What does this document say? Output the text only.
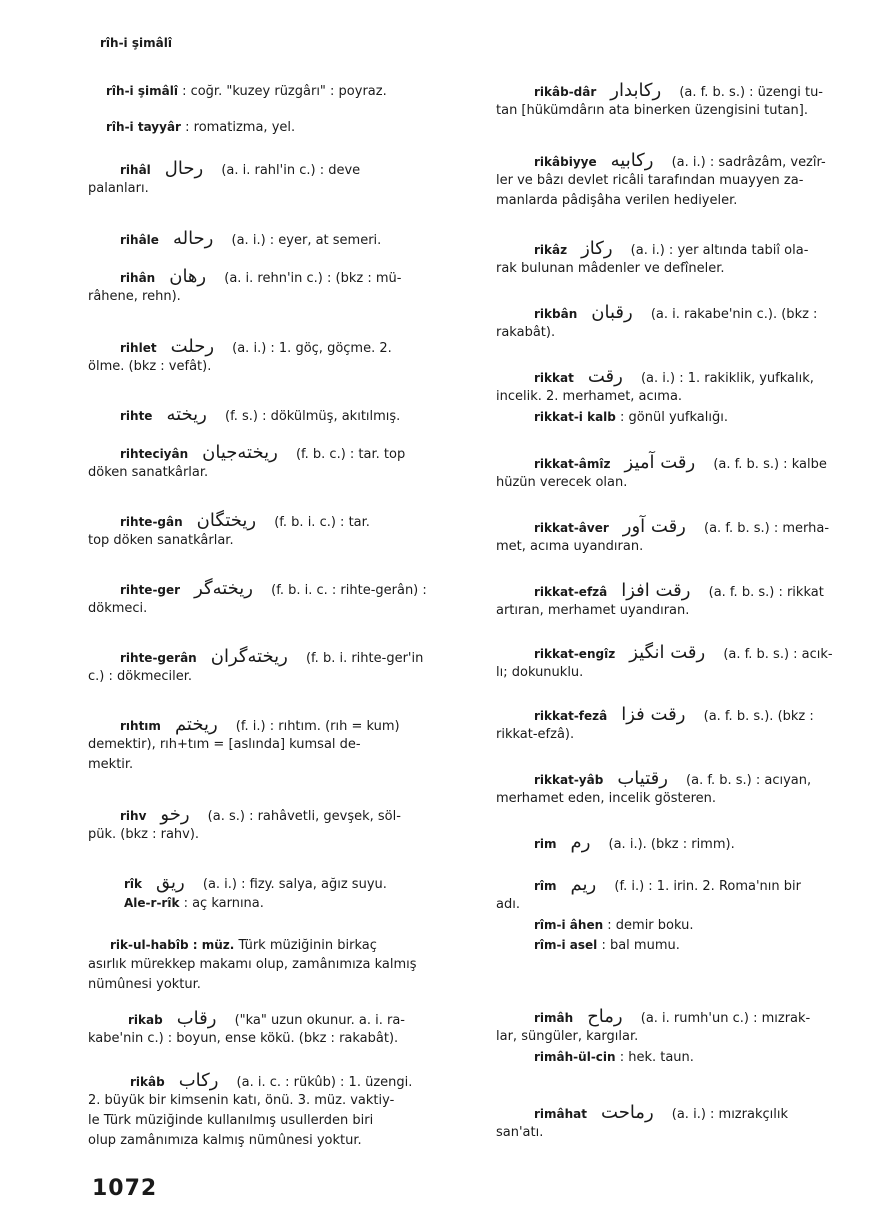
rîh-i şimâlî
rîh-i şimâlî : coğr. "kuzey rüzgârı" : poyraz.
rîh-i tayyâr : romatizma, yel.
rihâl رحال (a. i. rahl'in c.) : deve
palanları.
rihâle رحاله (a. i.) : eyer, at semeri.
rihân رهان (a. i. rehn'in c.) : (bkz : mü-
râhene, rehn).
rihlet رحلت (a. i.) : 1. göç, göçme. 2.
ölme. (bkz : vefât).
rihte ریخته (f. s.) : dökülmüş, akıtılmış.
rihteciyân ریخته‌جیان (f. b. c.) : tar. top
döken sanatkârlar.
rihte-gân ریختگان (f. b. i. c.) : tar.
top döken sanatkârlar.
rihte-ger ریخته‌گر (f. b. i. c. : rihte-gerân) :
dökmeci.
rihte-gerân ریخته‌گران (f. b. i. rihte-ger'in
c.) : dökmeciler.
rıhtım ریختم (f. i.) : rıhtım. (rıh = kum)
demektir), rıh+tım = [aslında] kumsal de-
mektir.
rihv رخو (a. s.) : rahâvetli, gevşek, söl-
pük. (bkz : rahv).
rîk ریق (a. i.) : fizy. salya, ağız suyu.
Ale-r-rîk : aç karnına.
rik-ul-habîb : müz. Türk müziğinin birkaç
asırlık mürekkep makamı olup, zamânımıza kalmış
nümûnesi yoktur.
rikab رقاب ("ka" uzun okunur. a. i. ra-
kabe'nin c.) : boyun, ense kökü. (bkz : rakabât).
rikâb رکاب (a. i. c. : rükûb) : 1. üzengi.
2. büyük bir kimsenin katı, önü. 3. müz. vaktiy-
le Türk müziğinde kullanılmış usullerden biri
olup zamânımıza kalmış nümûnesi yoktur.
rikâb-dâr رکابدار (a. f. b. s.) : üzengi tu-
tan [hükümdârın ata binerken üzengisini tutan].
rikâbiyye رکابیه (a. i.) : sadrâzâm, vezîr-
ler ve bâzı devlet ricâli tarafından muayyen za-
manlarda pâdişâha verilen hediyeler.
rikâz رکاز (a. i.) : yer altında tabiî ola-
rak bulunan mâdenler ve defîneler.
rikbân رقبان (a. i. rakabe'nin c.). (bkz :
rakabât).
rikkat رقت (a. i.) : 1. rakiklik, yufkalık,
incelik. 2. merhamet, acıma.
rikkat-i kalb : gönül yufkalığı.
rikkat-âmîz رقت آمیز (a. f. b. s.) : kalbe
hüzün verecek olan.
rikkat-âver رقت آور (a. f. b. s.) : merha-
met, acıma uyandıran.
rikkat-efzâ رقت افزا (a. f. b. s.) : rikkat
artıran, merhamet uyandıran.
rikkat-engîz رقت انگیز (a. f. b. s.) : acık-
lı; dokunuklu.
rikkat-fezâ رقت فزا (a. f. b. s.). (bkz :
rikkat-efzâ).
rikkat-yâb رقتیاب (a. f. b. s.) : acıyan,
merhamet eden, incelik gösteren.
rim رم (a. i.). (bkz : rimm).
rîm ریم (f. i.) : 1. irin. 2. Roma'nın bir
adı.
rîm-i âhen : demir boku.
rîm-i asel : bal mumu.
rimâh رماح (a. i. rumh'un c.) : mızrak-
lar, süngüler, kargılar.
rimâh-ül-cin : hek. taun.
rimâhat رماحت (a. i.) : mızrakçılık
san'atı.
1072
